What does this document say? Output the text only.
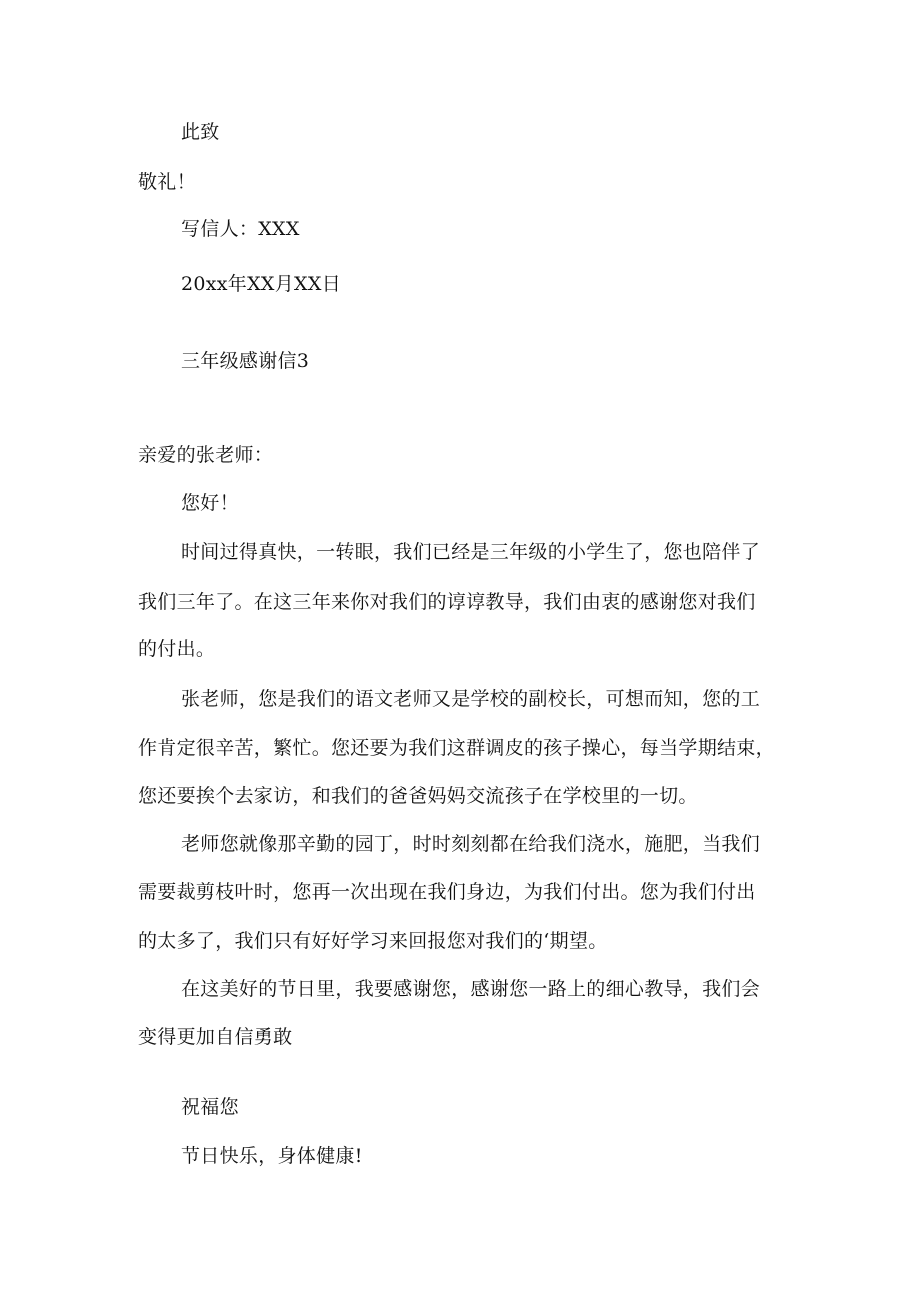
此致

敬礼！

写信人：XXX

20xx年XX月XX日

三年级感谢信3

亲爱的张老师：

您好！

时间过得真快，一转眼，我们已经是三年级的小学生了，您也陪伴了

我们三年了。在这三年来你对我们的谆谆教导，我们由衷的感谢您对我们

的付出。

张老师，您是我们的语文老师又是学校的副校长，可想而知，您的工

作肯定很辛苦，繁忙。您还要为我们这群调皮的孩子操心，每当学期结束，

您还要挨个去家访，和我们的爸爸妈妈交流孩子在学校里的一切。

老师您就像那辛勤的园丁，时时刻刻都在给我们浇水，施肥，当我们

需要裁剪枝叶时，您再一次出现在我们身边，为我们付出。您为我们付出

的太多了，我们只有好好学习来回报您对我们的‘期望。

在这美好的节日里，我要感谢您，感谢您一路上的细心教导，我们会

变得更加自信勇敢

祝福您

节日快乐，身体健康!
